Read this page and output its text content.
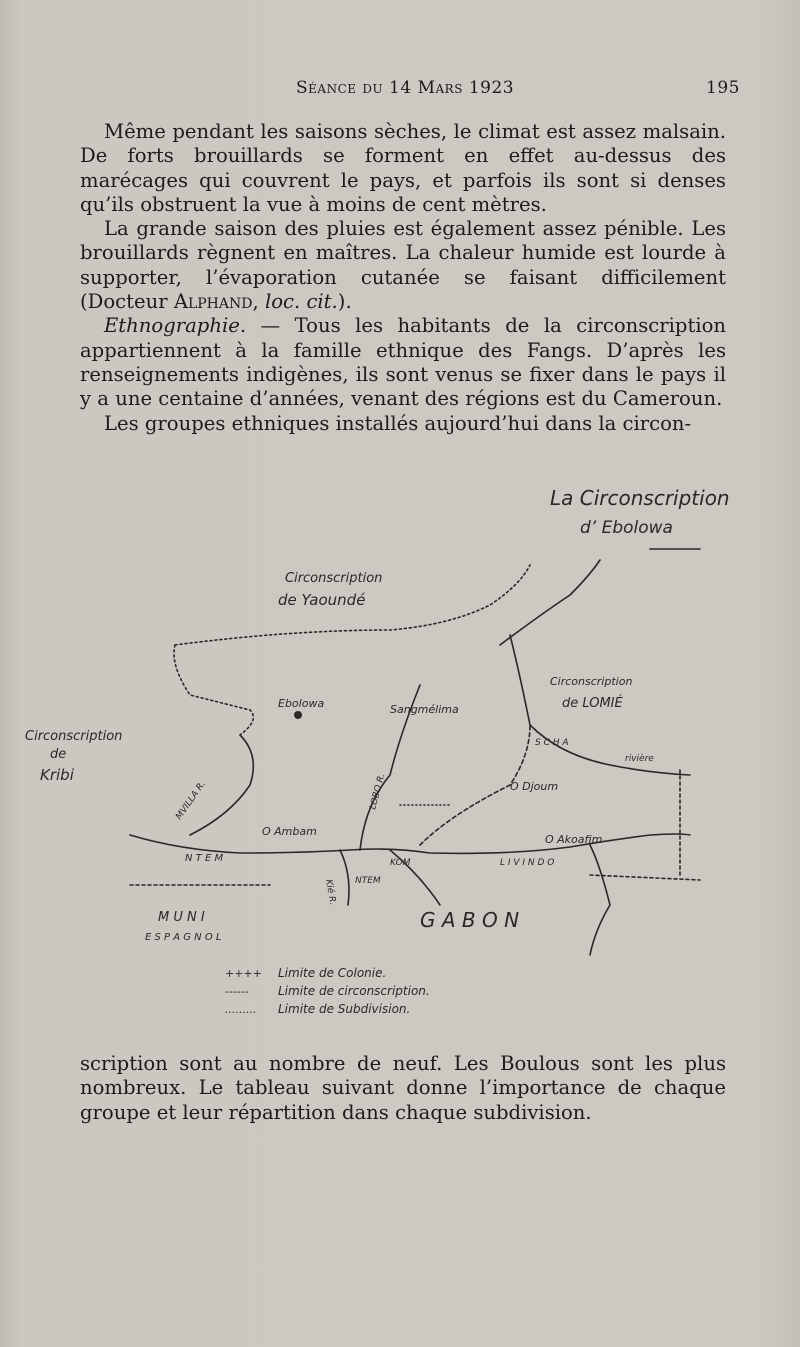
Séance du 14 Mars 1923	195

Même pendant les saisons sèches, le climat est assez malsain. De forts brouillards se forment en effet au-dessus des marécages qui couvrent le pays, et parfois ils sont si denses qu’ils obstruent la vue à moins de cent mètres.

La grande saison des pluies est également assez pénible. Les brouillards règnent en maîtres. La chaleur humide est lourde à supporter, l’évaporation cutanée se faisant difficilement (Docteur Alphand, loc. cit.).

Ethnographie. — Tous les habitants de la circonscription appartiennent à la famille ethnique des Fangs. D’après les renseignements indigènes, ils sont venus se fixer dans le pays il y a une centaine d’années, venant des régions est du Cameroun.

Les groupes ethniques installés aujourd’hui dans la circon-

La Circonscription
d’ Ebolowa
Circonscription
de Yaoundé
Circonscription
de
Kribi
Circonscription
de LOMIÉ
Ebolowa	Sangmélima
O Djoum
O Ambam
O Akoafim
G A B O N
M U N I
E S P A G N O L
N T E M
NTEM
KOM	L I V I N D O
LOBO R.
MVILLA R.
Kié R.
S C H A
rivière
++++ Limite de Colonie.
------ Limite de circonscription.
......... Limite de Subdivision.

scription sont au nombre de neuf. Les Boulous sont les plus nombreux. Le tableau suivant donne l’importance de chaque groupe et leur répartition dans chaque subdivision.
